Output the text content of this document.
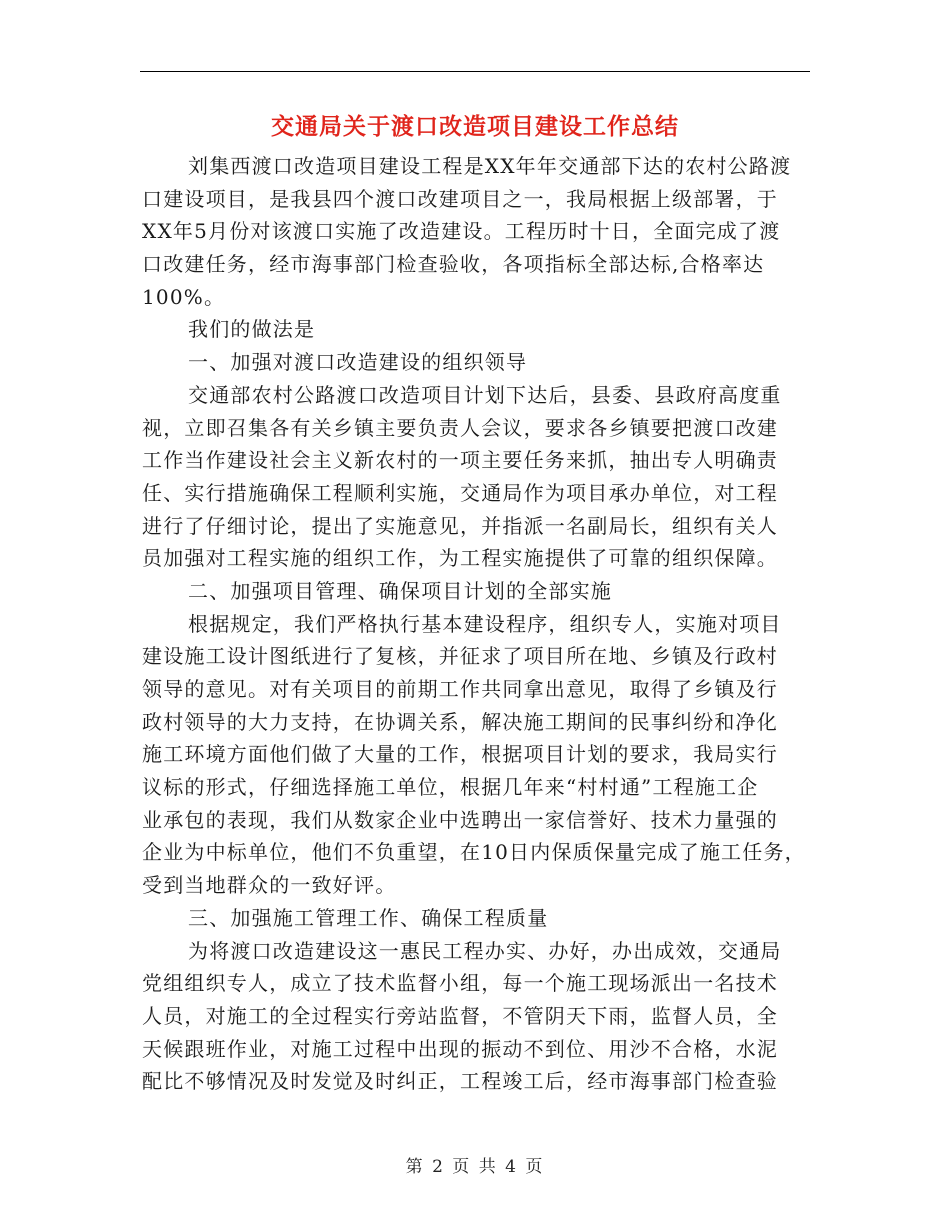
交通局关于渡口改造项目建设工作总结
刘集西渡口改造项目建设工程是XX年年交通部下达的农村公路渡
口建设项目，是我县四个渡口改建项目之一，我局根据上级部署，于
XX年5月份对该渡口实施了改造建设。工程历时十日，全面完成了渡
口改建任务，经市海事部门检查验收，各项指标全部达标,合格率达
100%。
我们的做法是
一、加强对渡口改造建设的组织领导
交通部农村公路渡口改造项目计划下达后，县委、县政府高度重
视，立即召集各有关乡镇主要负责人会议，要求各乡镇要把渡口改建
工作当作建设社会主义新农村的一项主要任务来抓，抽出专人明确责
任、实行措施确保工程顺利实施，交通局作为项目承办单位，对工程
进行了仔细讨论，提出了实施意见，并指派一名副局长，组织有关人
员加强对工程实施的组织工作，为工程实施提供了可靠的组织保障。
二、加强项目管理、确保项目计划的全部实施
根据规定，我们严格执行基本建设程序，组织专人，实施对项目
建设施工设计图纸进行了复核，并征求了项目所在地、乡镇及行政村
领导的意见。对有关项目的前期工作共同拿出意见，取得了乡镇及行
政村领导的大力支持，在协调关系，解决施工期间的民事纠纷和净化
施工环境方面他们做了大量的工作，根据项目计划的要求，我局实行
议标的形式，仔细选择施工单位，根据几年来“村村通”工程施工企
业承包的表现，我们从数家企业中选聘出一家信誉好、技术力量强的
企业为中标单位，他们不负重望，在10日内保质保量完成了施工任务，
受到当地群众的一致好评。
三、加强施工管理工作、确保工程质量
为将渡口改造建设这一惠民工程办实、办好，办出成效，交通局
党组组织专人，成立了技术监督小组，每一个施工现场派出一名技术
人员，对施工的全过程实行旁站监督，不管阴天下雨，监督人员，全
天候跟班作业，对施工过程中出现的振动不到位、用沙不合格，水泥
配比不够情况及时发觉及时纠正，工程竣工后，经市海事部门检查验
第 2 页 共 4 页
